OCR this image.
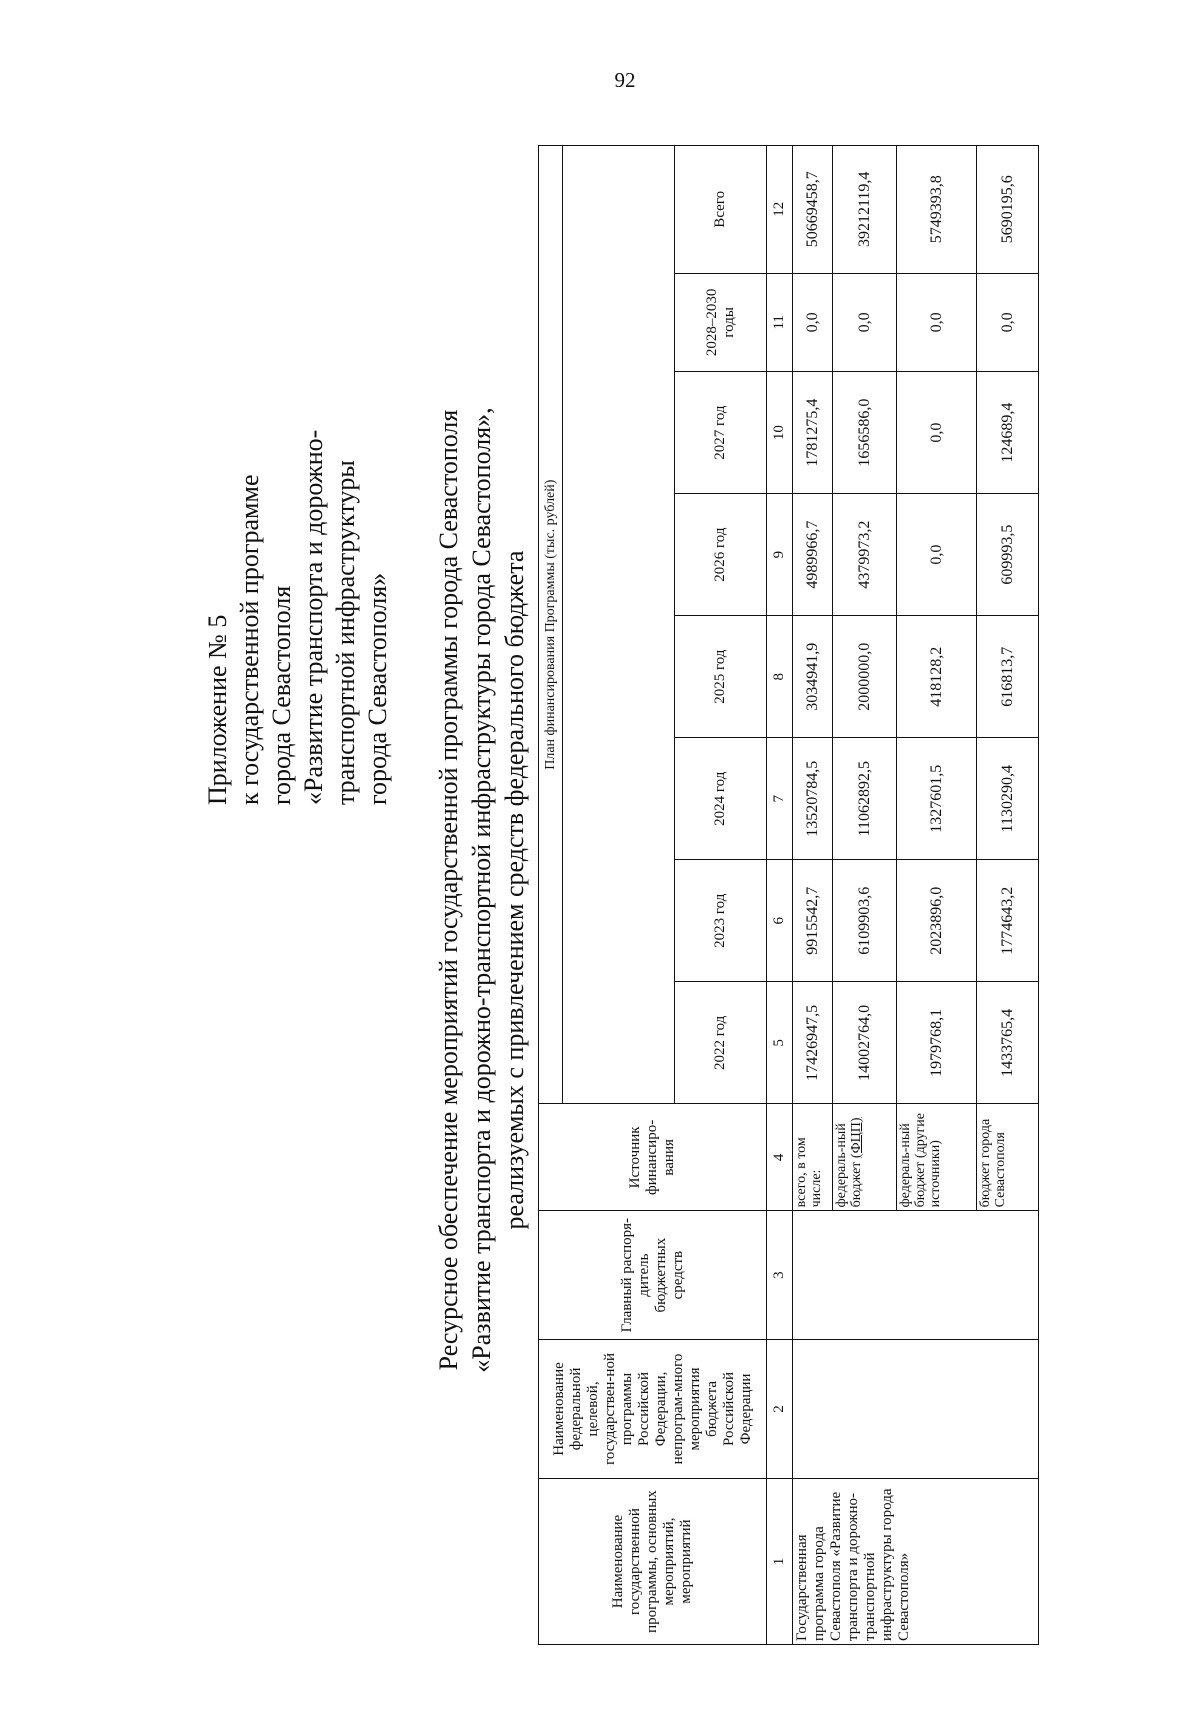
92
Приложение № 5 к государственной программе города Севастополя «Развитие транспорта и дорожно- транспортной инфраструктуры города Севастополя» Ресурсное обеспечение мероприятий государственной программы города Севастополя «Развитие транспорта и дорожно-транспортной инфраструктуры города Севастополя», реализуемых с привлечением средств федерального бюджета
Наименование государственной программы, основных мероприятий, мероприятий	Наименование федеральной целевой, государствен-ной программы Российской Федерации, непрограм-много мероприятия бюджета Российской Федерации	Главный распоря-дитель бюджетных средств	Источник финансиро-вания	План финансирования Программы (тыс. рублей)							

				2022 год	2023 год	2024 год	2025 год	2026 год	2027 год	2028–2030 годы	Всего
1	2	3	4	5	6	7	8	9	10	11	12
Государственная программа города Севастополя «Развитие транспорта и дорожно-транспортной инфраструктуры города Севастополя»			всего, в том числе:	17426947,5	9915542,7	13520784,5	3034941,9	4989966,7	1781275,4	0,0	50669458,7
			федераль-ный бюджет (ФЦП)	14002764,0	6109903,6	11062892,5	2000000,0	4379973,2	1656586,0	0,0	39212119,4
			федераль-ный бюджет (другие источники)	1979768,1	2023896,0	1327601,5	418128,2	0,0	0,0	0,0	5749393,8
			бюджет города Севастополя	1433765,4	1774643,2	1130290,4	616813,7	609993,5	124689,4	0,0	5690195,6
